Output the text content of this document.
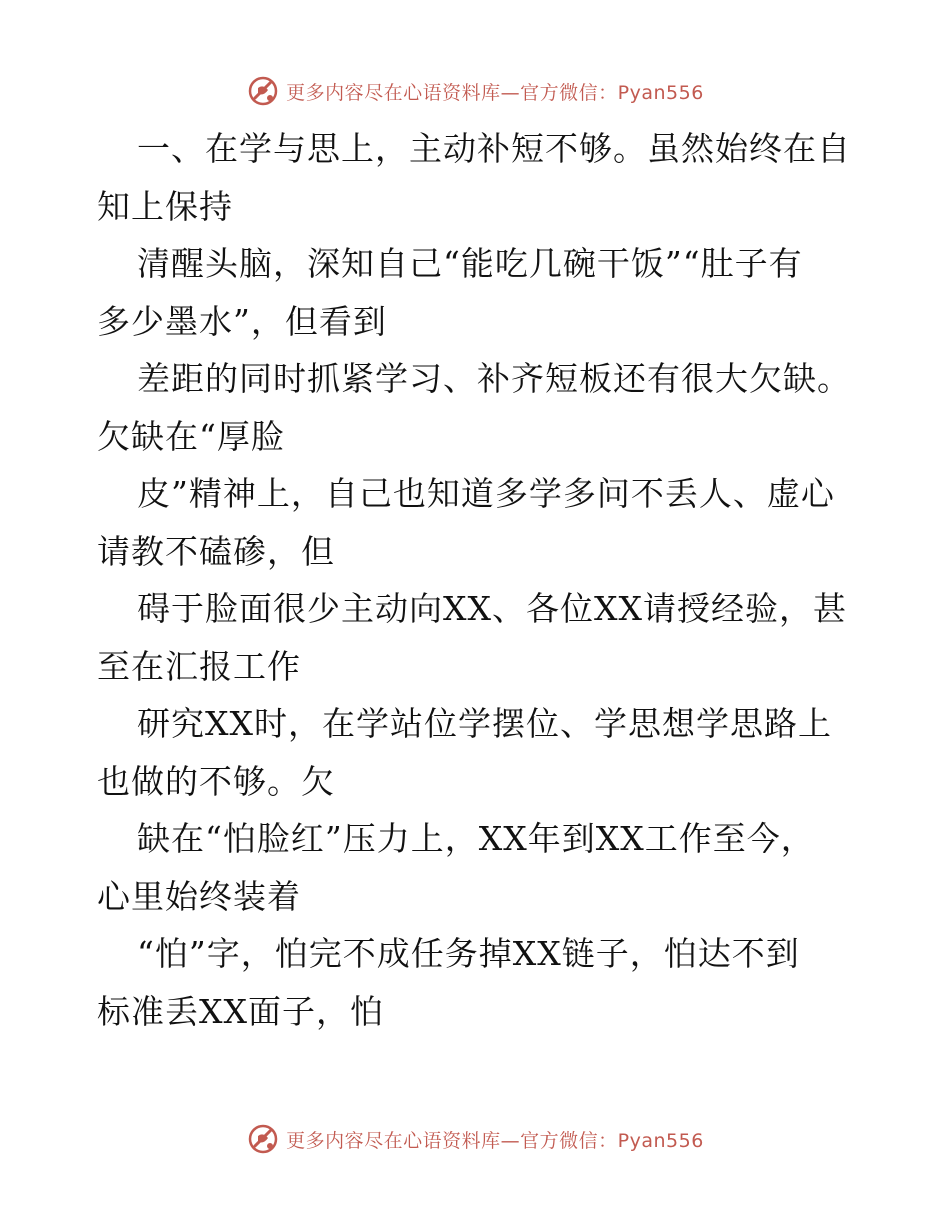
更多内容尽在心语资料库—官方微信：Pyan556
一、在学与思上，主动补短不够。虽然始终在自
知上保持
清醒头脑，深知自己“能吃几碗干饭”“肚子有
多少墨水”，但看到
差距的同时抓紧学习、补齐短板还有很大欠缺。
欠缺在“厚脸
皮”精神上，自己也知道多学多问不丢人、虚心
请教不磕碜，但
碍于脸面很少主动向XX、各位XX请授经验，甚
至在汇报工作
研究XX时，在学站位学摆位、学思想学思路上
也做的不够。欠
缺在“怕脸红”压力上，XX年到XX工作至今，
心里始终装着
“怕”字，怕完不成任务掉XX链子，怕达不到
标准丢XX面子，怕
更多内容尽在心语资料库—官方微信：Pyan556
